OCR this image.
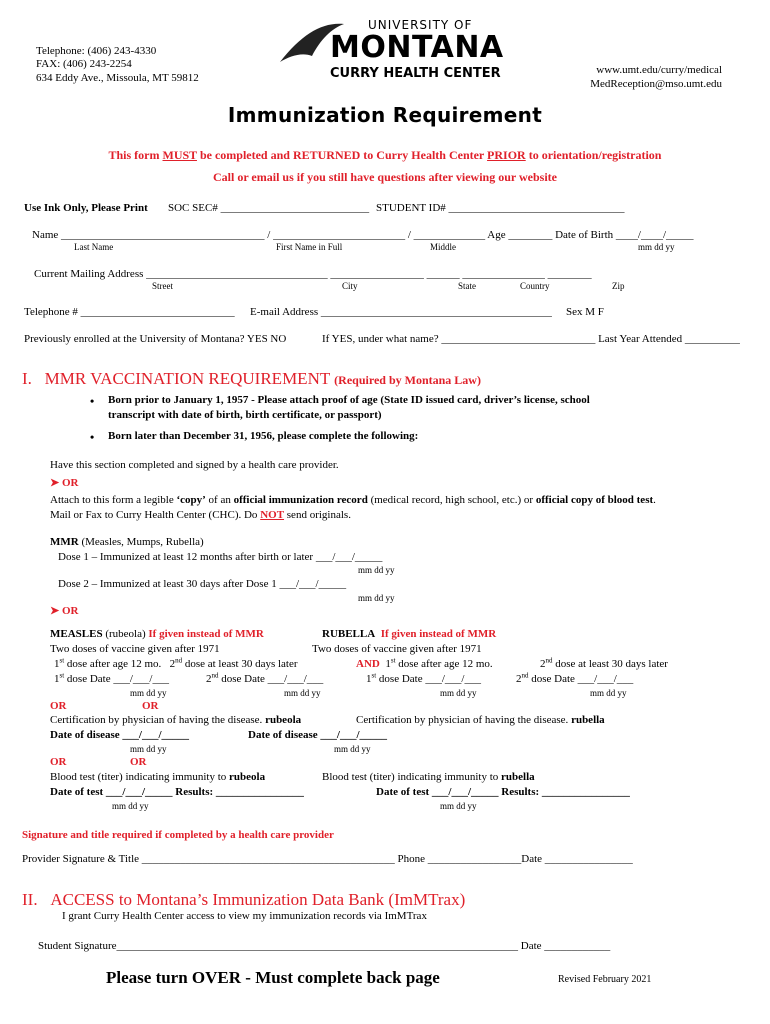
Telephone: (406) 243-4330
FAX: (406) 243-2254
634 Eddy Ave., Missoula, MT 59812
UNIVERSITY OF
MONTANA
CURRY HEALTH CENTER	www.umt.edu/curry/medical
MedReception@mso.umt.edu
Immunization Requirement
This form MUST be completed and RETURNED to Curry Health Center PRIOR to orientation/registration
Call or email us if you still have questions after viewing our website
Use Ink Only, Please Print SOC SEC# ___________________________ STUDENT ID# ________________________________
Name _____________________________________ / ________________________ / _____________ Age ________ Date of Birth ____/____/_____
Last Name	First Name in Full	Middle	mm dd yy
Current Mailing Address _________________________________ _________________ ______ _______________ ________
Street	City	State	Country	Zip
Telephone # ____________________________ E-mail Address __________________________________________ Sex M F
Previously enrolled at the University of Montana? YES NO	If YES, under what name? ____________________________ Last Year Attended __________
I. MMR VACCINATION REQUIREMENT (Required by Montana Law)
• Born prior to January 1, 1957 - Please attach proof of age (State ID issued card, driver’s license, school
transcript with date of birth, birth certificate, or passport)
• Born later than December 31, 1956, please complete the following:
Have this section completed and signed by a health care provider.
➤ OR
Attach to this form a legible ‘copy’ of an official immunization record (medical record, high school, etc.) or official copy of blood test.
Mail or Fax to Curry Health Center (CHC). Do NOT send originals.
MMR (Measles, Mumps, Rubella)
Dose 1 – Immunized at least 12 months after birth or later ___/___/_____
mm dd yy
Dose 2 – Immunized at least 30 days after Dose 1 ___/___/_____
mm dd yy
➤ OR
MEASLES (rubeola) If given instead of MMR	RUBELLA If given instead of MMR
Two doses of vaccine given after 1971	Two doses of vaccine given after 1971
1st dose after age 12 mo.   2nd dose at least 30 days later	AND  1st dose after age 12 mo.	2nd dose at least 30 days later
1st dose Date ___/___/___	2nd dose Date ___/___/___	1st dose Date ___/___/___	2nd dose Date ___/___/___
mm dd yy	mm dd yy	mm dd yy	mm dd yy
OR	OR
Certification by physician of having the disease. rubeola	Certification by physician of having the disease. rubella
Date of disease ___/___/_____	Date of disease ___/___/_____
mm dd yy	mm dd yy
OR	OR
Blood test (titer) indicating immunity to rubeola	Blood test (titer) indicating immunity to rubella
Date of test ___/___/_____ Results: ________________	Date of test ___/___/_____ Results: ________________
mm dd yy	mm dd yy
Signature and title required if completed by a health care provider
Provider Signature & Title ______________________________________________ Phone _________________Date ________________
II. ACCESS to Montana’s Immunization Data Bank (ImMTrax)
I grant Curry Health Center access to view my immunization records via ImMTrax
Student Signature_________________________________________________________________________ Date ____________
Please turn OVER - Must complete back page	Revised February 2021
